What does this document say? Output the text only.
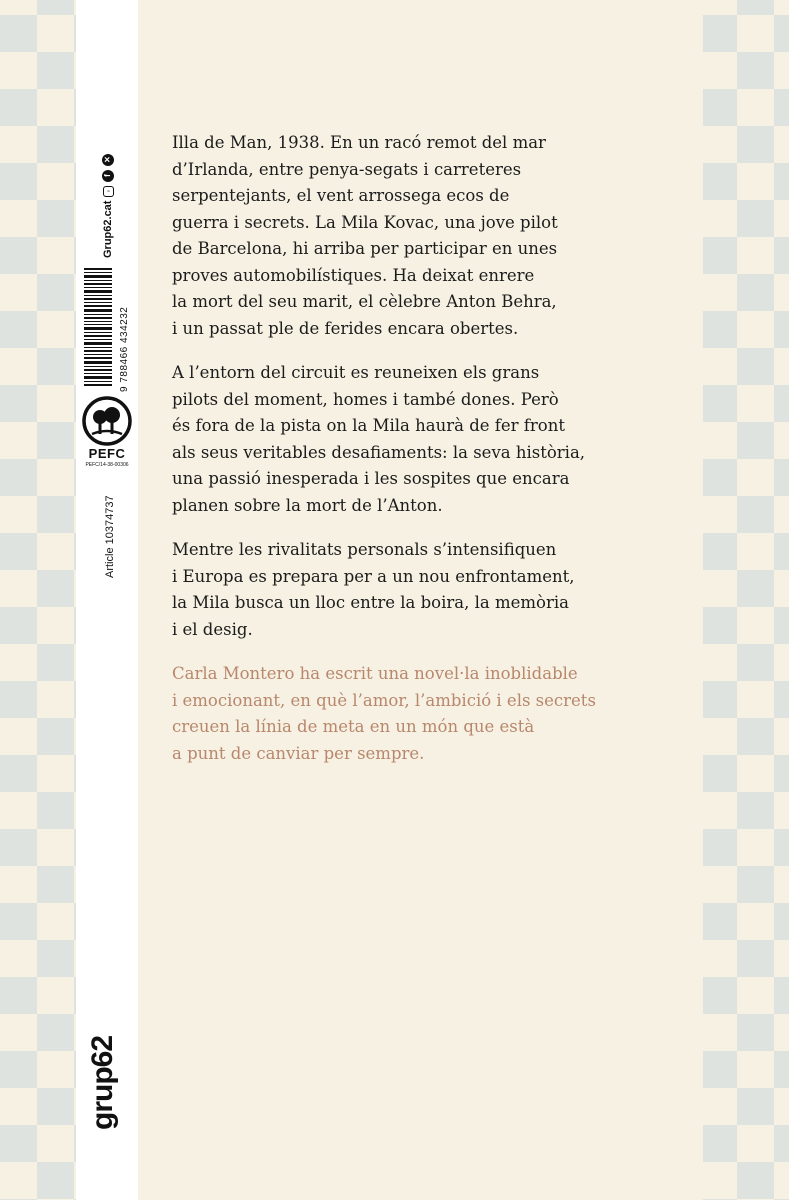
Grup62.cat
◦
f
✕
9 788466 434232
PEFC
PEFC/14-38-00306
Article 10374737
grup62

Illa de Man, 1938. En un racó remot del mar
d’Irlanda, entre penya-segats i carreteres
serpentejants, el vent arrossega ecos de
guerra i secrets. La Mila Kovac, una jove pilot
de Barcelona, hi arriba per participar en unes
proves automobilístiques. Ha deixat enrere
la mort del seu marit, el cèlebre Anton Behra,
i un passat ple de ferides encara obertes.

A l’entorn del circuit es reuneixen els grans
pilots del moment, homes i també dones. Però
és fora de la pista on la Mila haurà de fer front
als seus veritables desafiaments: la seva història,
una passió inesperada i les sospites que encara
planen sobre la mort de l’Anton.

Mentre les rivalitats personals s’intensifiquen
i Europa es prepara per a un nou enfrontament,
la Mila busca un lloc entre la boira, la memòria
i el desig.

Carla Montero ha escrit una novel·la inoblidable
i emocionant, en què l’amor, l’ambició i els secrets
creuen la línia de meta en un món que està
a punt de canviar per sempre.
